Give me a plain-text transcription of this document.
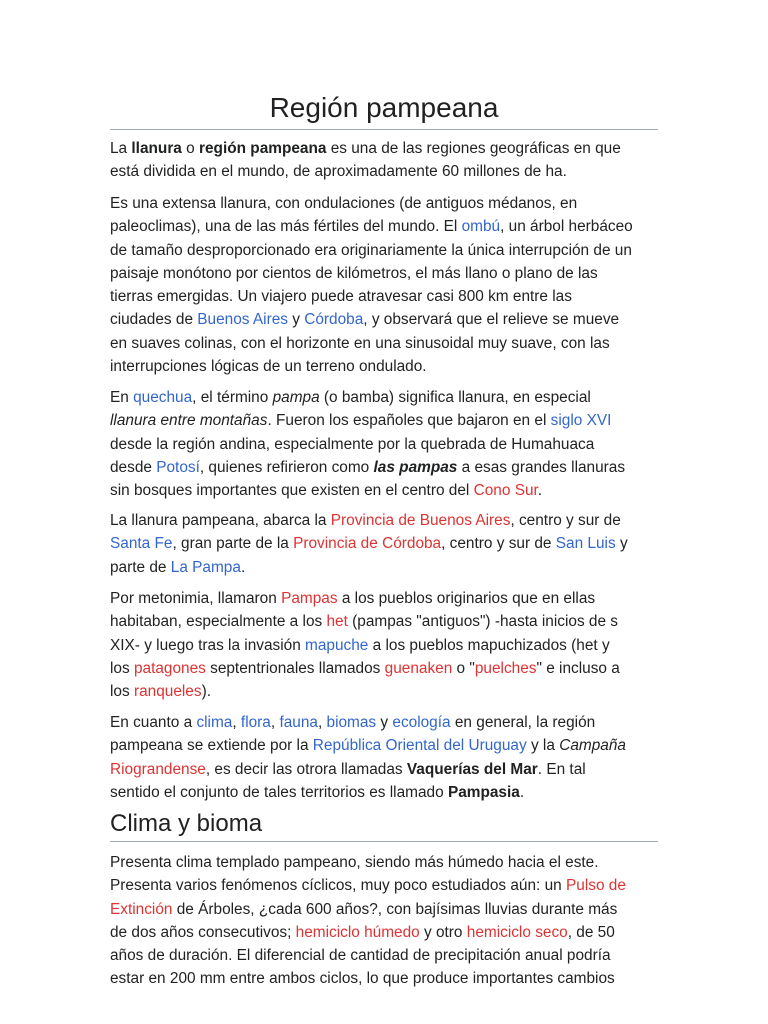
Región pampeana
La llanura o región pampeana es una de las regiones geográficas en que
está dividida en el mundo, de aproximadamente 60 millones de ha.
Es una extensa llanura, con ondulaciones (de antiguos médanos, en
paleoclimas), una de las más fértiles del mundo. El ombú, un árbol herbáceo
de tamaño desproporcionado era originariamente la única interrupción de un
paisaje monótono por cientos de kilómetros, el más llano o plano de las
tierras emergidas. Un viajero puede atravesar casi 800 km entre las
ciudades de Buenos Aires y Córdoba, y observará que el relieve se mueve
en suaves colinas, con el horizonte en una sinusoidal muy suave, con las
interrupciones lógicas de un terreno ondulado.
En quechua, el término pampa (o bamba) significa llanura, en especial
llanura entre montañas. Fueron los españoles que bajaron en el siglo XVI
desde la región andina, especialmente por la quebrada de Humahuaca
desde Potosí, quienes refirieron como las pampas a esas grandes llanuras
sin bosques importantes que existen en el centro del Cono Sur.
La llanura pampeana, abarca la Provincia de Buenos Aires, centro y sur de
Santa Fe, gran parte de la Provincia de Córdoba, centro y sur de San Luis y
parte de La Pampa.
Por metonimia, llamaron Pampas a los pueblos originarios que en ellas
habitaban, especialmente a los het (pampas "antiguos") -hasta inicios de s
XIX- y luego tras la invasión mapuche a los pueblos mapuchizados (het y
los patagones septentrionales llamados guenaken o "puelches" e incluso a
los ranqueles).
En cuanto a clima, flora, fauna, biomas y ecología en general, la región
pampeana se extiende por la República Oriental del Uruguay y la Campaña
Riograndense, es decir las otrora llamadas Vaquerías del Mar. En tal
sentido el conjunto de tales territorios es llamado Pampasia.
Clima y bioma
Presenta clima templado pampeano, siendo más húmedo hacia el este.
Presenta varios fenómenos cíclicos, muy poco estudiados aún: un Pulso de
Extinción de Árboles, ¿cada 600 años?, con bajísimas lluvias durante más
de dos años consecutivos; hemiciclo húmedo y otro hemiciclo seco, de 50
años de duración. El diferencial de cantidad de precipitación anual podría
estar en 200 mm entre ambos ciclos, lo que produce importantes cambios
